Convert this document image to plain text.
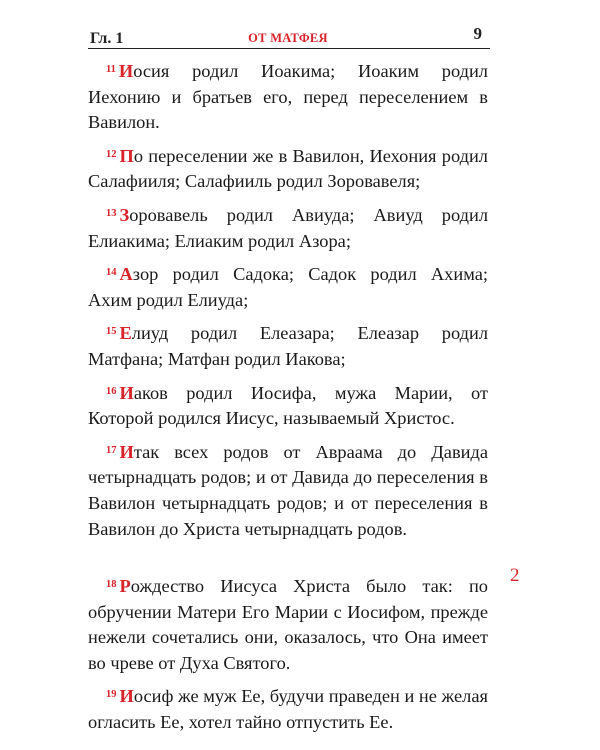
Гл. 1	ОТ МАТФЕЯ	9

$^{11}$ Иосия родил Иоакима; Иоаким родил Иехонию и братьев его, перед переселением в Вавилон.

$^{12}$ По переселении же в Вавилон, Иехония родил Салафииля; Салафииль родил Зоровавеля;

$^{13}$ Зоровавель родил Авиуда; Авиуд родил Елиакима; Елиаким родил Азора;

$^{14}$ Азор родил Садока; Садок родил Ахима; Ахим родил Елиуда;

$^{15}$ Елиуд родил Елеазара; Елеазар родил Матфана; Матфан родил Иакова;

$^{16}$ Иаков родил Иосифа, мужа Марии, от Которой родился Иисус, называемый Христос.

$^{17}$ Итак всех родов от Авраама до Давида четырнадцать родов; и от Давида до переселения в Вавилон четырнадцать родов; и от переселения в Вавилон до Христа четырнадцать родов.

$^{18}$ Рождество Иисуса Христа было так: по обручении Матери Его Марии с Иосифом, прежде нежели сочетались они, оказалось, что Она имеет во чреве от Духа Святого.

$^{19}$ Иосиф же муж Ее, будучи праведен и не желая огласить Ее, хотел тайно отпустить Ее.

2
